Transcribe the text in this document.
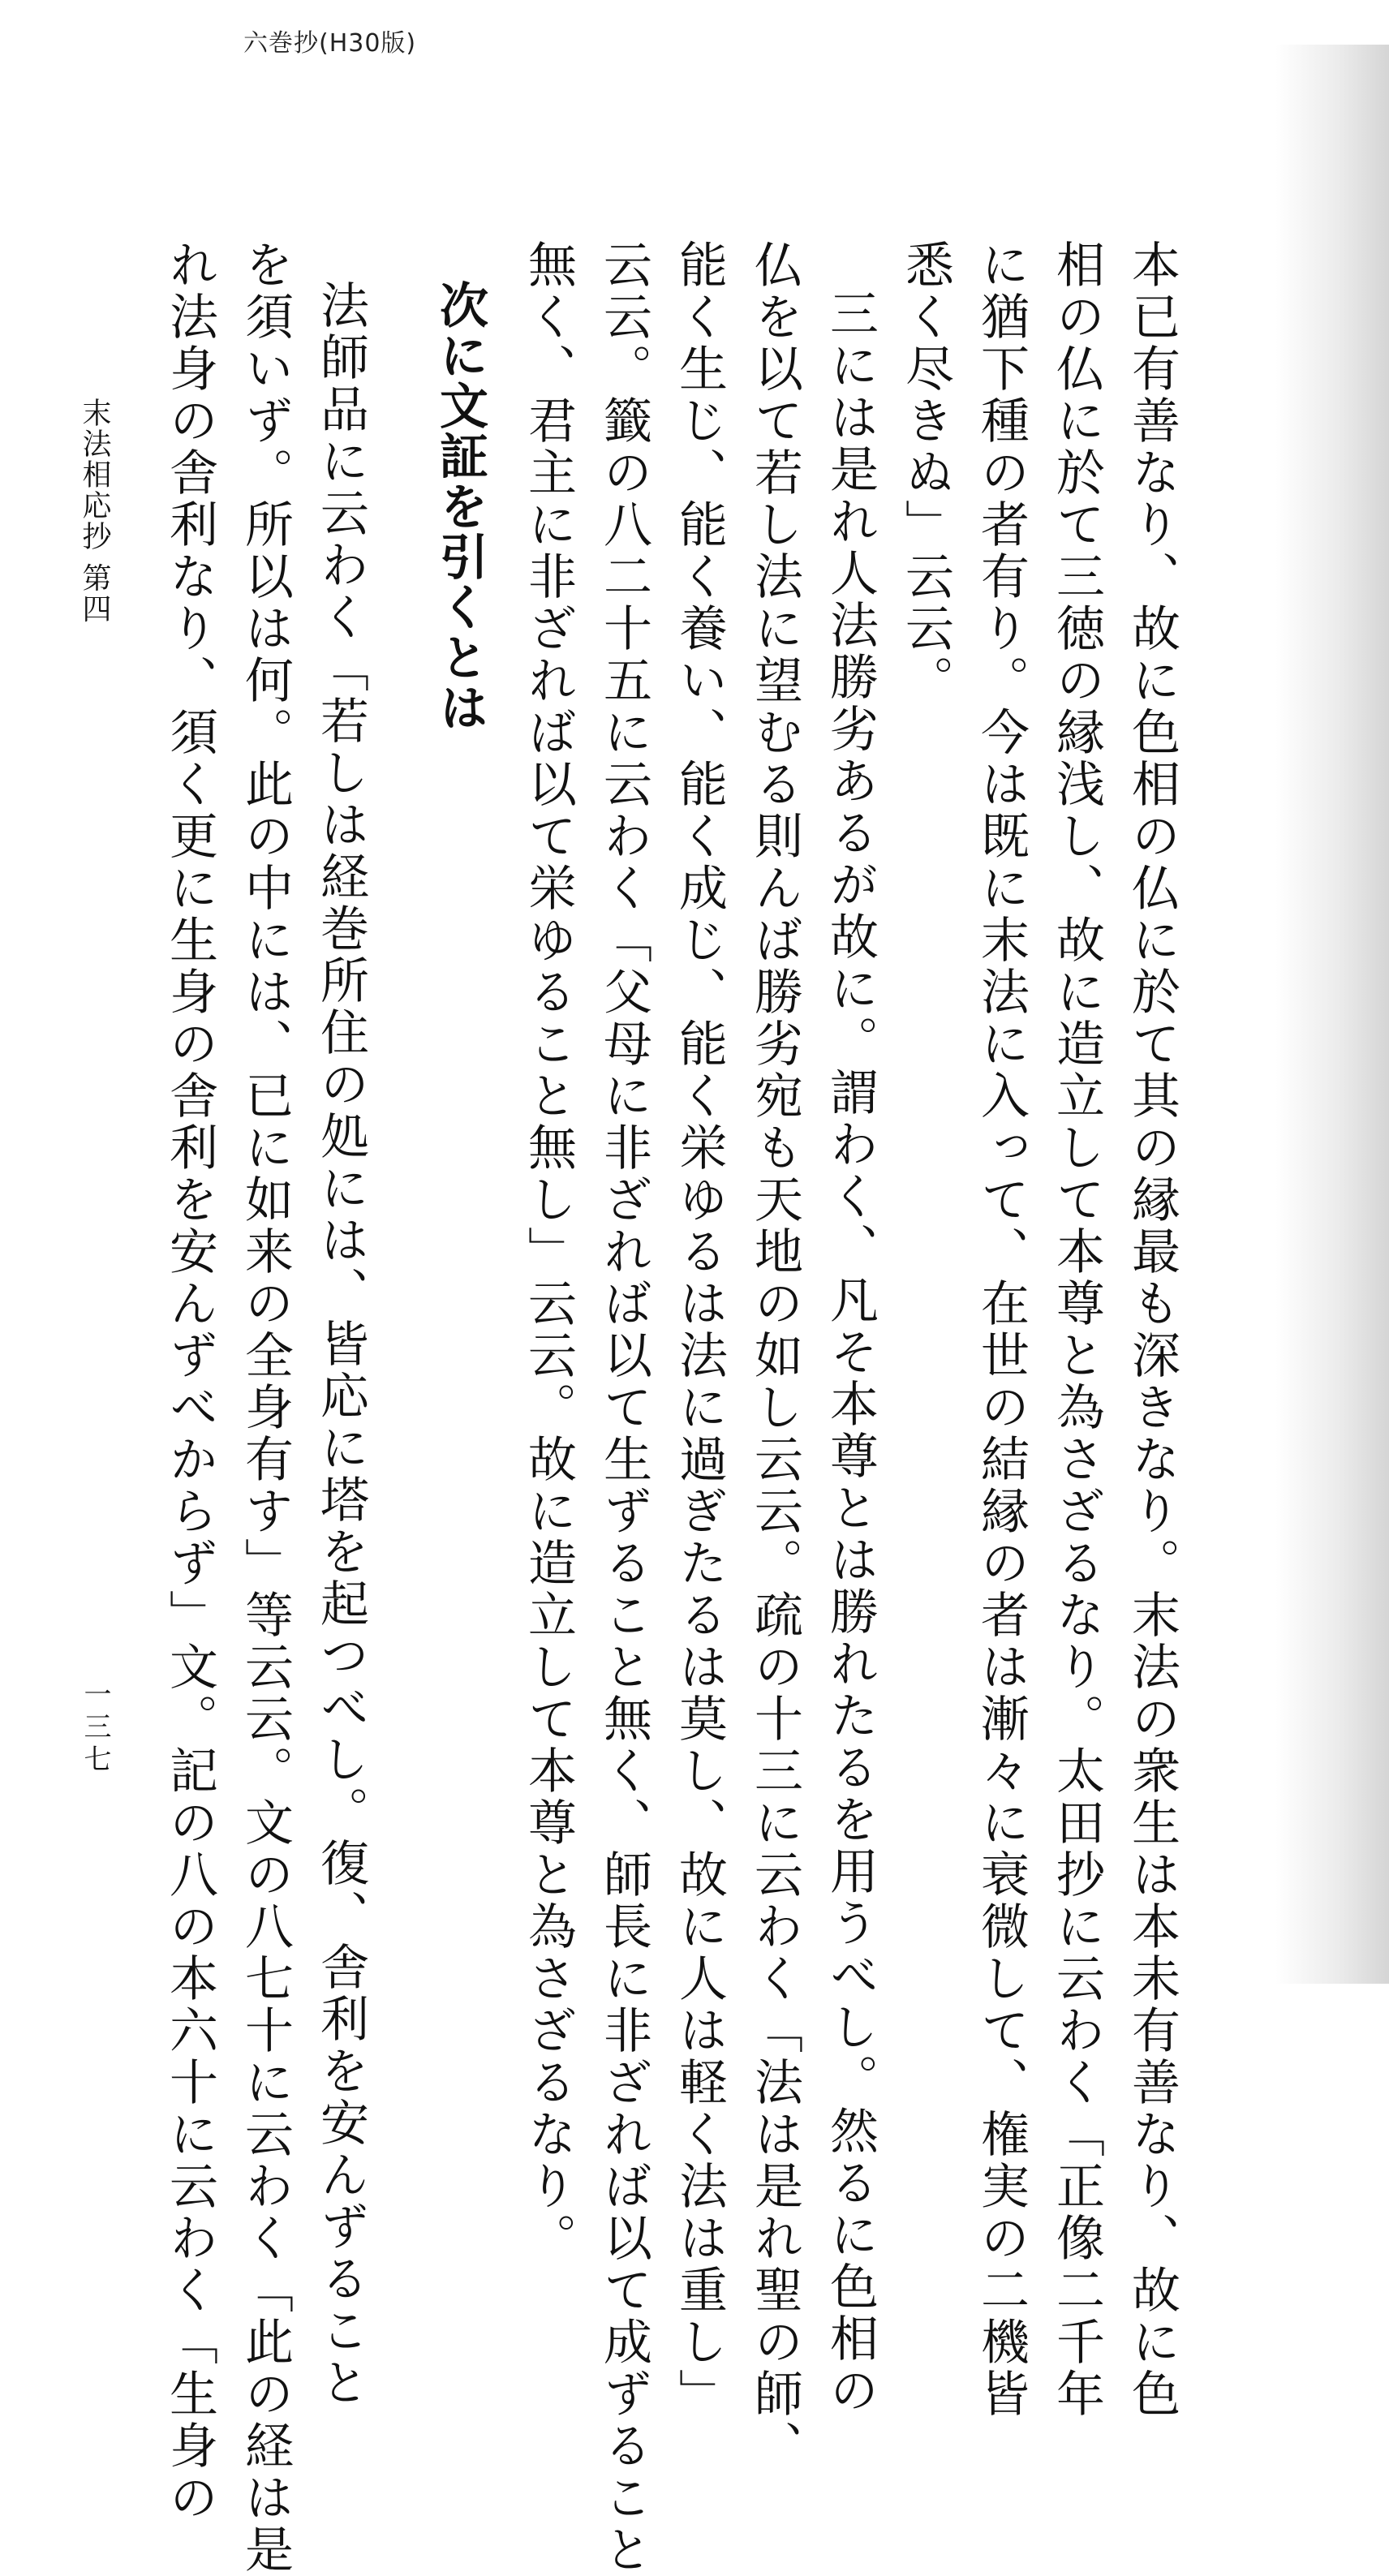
六巻抄(H30版)
本已有善なり、故に色相の仏に於て其の縁最も深きなり。末法の衆生は本未有善なり、故に色
相の仏に於て三徳の縁浅し、故に造立して本尊と為さざるなり。太田抄に云わく「正像二千年
に猶下種の者有り。今は既に末法に入って、在世の結縁の者は漸々に衰微して、権実の二機皆
悉く尽きぬ」云云。
三には是れ人法勝劣あるが故に。謂わく、凡そ本尊とは勝れたるを用うべし。然るに色相の
仏を以て若し法に望むる則んば勝劣宛も天地の如し云云。疏の十三に云わく「法は是れ聖の師、
能く生じ、能く養い、能く成じ、能く栄ゆるは法に過ぎたるは莫し、故に人は軽く法は重し」
云云。籤の八二十五に云わく「父母に非ざれば以て生ずること無く、師長に非ざれば以て成ずること
無く、君主に非ざれば以て栄ゆること無し」云云。故に造立して本尊と為さざるなり。
次に文証を引くとは
法師品に云わく「若しは経巻所住の処には、皆応に塔を起つべし。復、舎利を安んずること
を須いず。所以は何。此の中には、已に如来の全身有す」等云云。文の八七十に云わく「此の経は是
れ法身の舎利なり、須く更に生身の舎利を安んずべからず」文。記の八の本六十に云わく「生身の
末法相応抄 第四
一三七
